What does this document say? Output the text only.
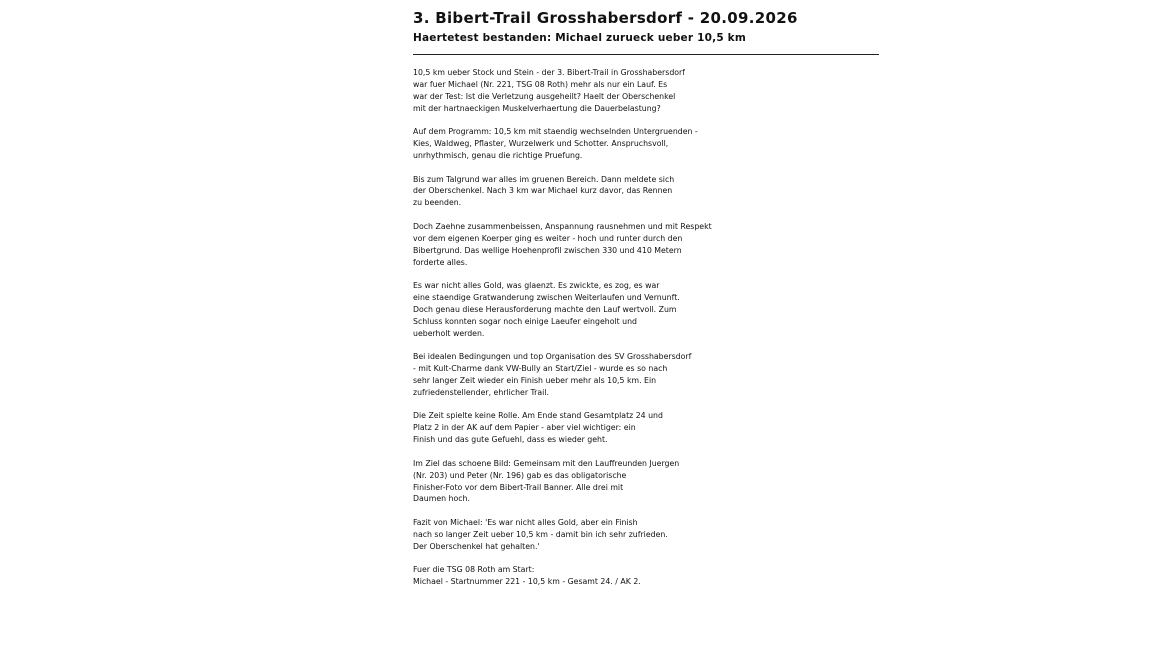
3. Bibert-Trail Grosshabersdorf - 20.09.2026
Haertetest bestanden: Michael zurueck ueber 10,5 km

10,5 km ueber Stock und Stein - der 3. Bibert-Trail in Grosshabersdorf
war fuer Michael (Nr. 221, TSG 08 Roth) mehr als nur ein Lauf. Es
war der Test: Ist die Verletzung ausgeheilt? Haelt der Oberschenkel
mit der hartnaeckigen Muskelverhaertung die Dauerbelastung?

Auf dem Programm: 10,5 km mit staendig wechselnden Untergruenden -
Kies, Waldweg, Pflaster, Wurzelwerk und Schotter. Anspruchsvoll,
unrhythmisch, genau die richtige Pruefung.

Bis zum Talgrund war alles im gruenen Bereich. Dann meldete sich
der Oberschenkel. Nach 3 km war Michael kurz davor, das Rennen
zu beenden.

Doch Zaehne zusammenbeissen, Anspannung rausnehmen und mit Respekt
vor dem eigenen Koerper ging es weiter - hoch und runter durch den
Bibertgrund. Das wellige Hoehenprofil zwischen 330 und 410 Metern
forderte alles.

Es war nicht alles Gold, was glaenzt. Es zwickte, es zog, es war
eine staendige Gratwanderung zwischen Weiterlaufen und Vernunft.
Doch genau diese Herausforderung machte den Lauf wertvoll. Zum
Schluss konnten sogar noch einige Laeufer eingeholt und
ueberholt werden.

Bei idealen Bedingungen und top Organisation des SV Grosshabersdorf
- mit Kult-Charme dank VW-Bully an Start/Ziel - wurde es so nach
sehr langer Zeit wieder ein Finish ueber mehr als 10,5 km. Ein
zufriedenstellender, ehrlicher Trail.

Die Zeit spielte keine Rolle. Am Ende stand Gesamtplatz 24 und
Platz 2 in der AK auf dem Papier - aber viel wichtiger: ein
Finish und das gute Gefuehl, dass es wieder geht.

Im Ziel das schoene Bild: Gemeinsam mit den Lauffreunden Juergen
(Nr. 203) und Peter (Nr. 196) gab es das obligatorische
Finisher-Foto vor dem Bibert-Trail Banner. Alle drei mit
Daumen hoch.

Fazit von Michael: 'Es war nicht alles Gold, aber ein Finish
nach so langer Zeit ueber 10,5 km - damit bin ich sehr zufrieden.
Der Oberschenkel hat gehalten.'

Fuer die TSG 08 Roth am Start:
Michael - Startnummer 221 - 10,5 km - Gesamt 24. / AK 2.
